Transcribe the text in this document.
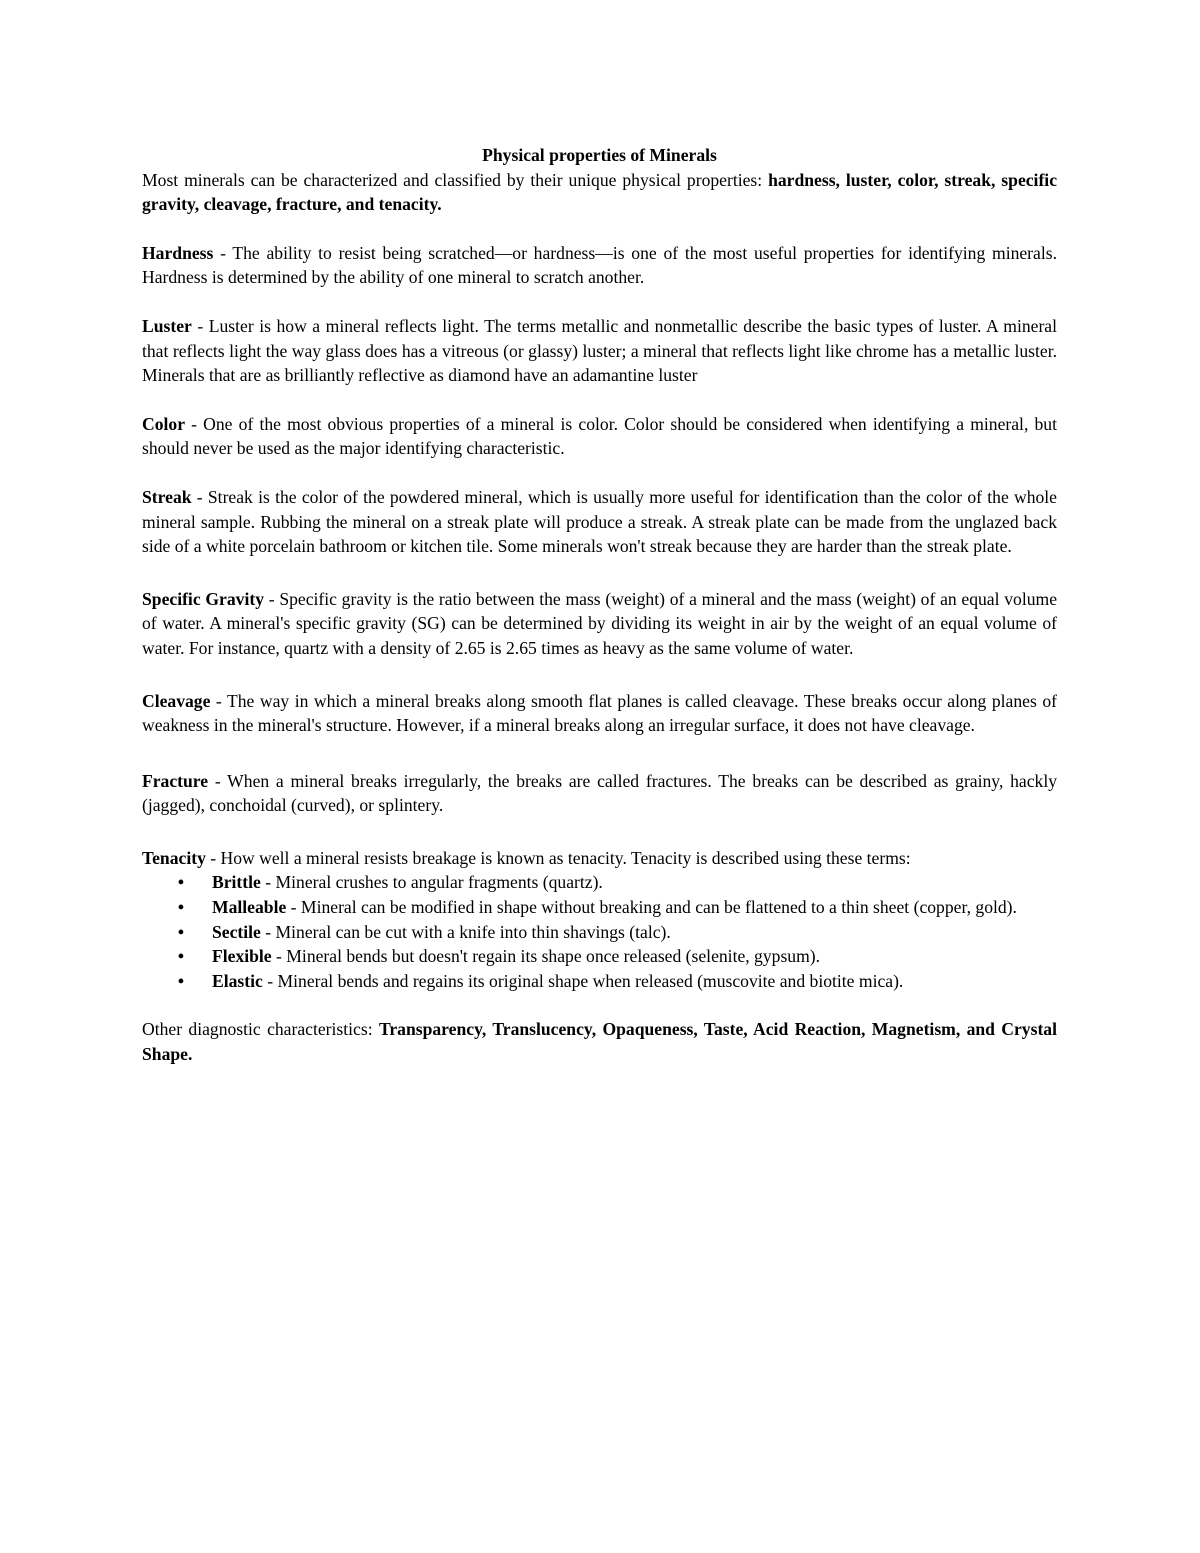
Physical properties of Minerals

Most minerals can be characterized and classified by their unique physical properties: hardness, luster, color, streak, specific gravity, cleavage, fracture, and tenacity.

Hardness - The ability to resist being scratched—or hardness—is one of the most useful properties for identifying minerals. Hardness is determined by the ability of one mineral to scratch another.

Luster - Luster is how a mineral reflects light. The terms metallic and nonmetallic describe the basic types of luster. A mineral that reflects light the way glass does has a vitreous (or glassy) luster; a mineral that reflects light like chrome has a metallic luster. Minerals that are as brilliantly reflective as diamond have an adamantine luster

Color - One of the most obvious properties of a mineral is color. Color should be considered when identifying a mineral, but should never be used as the major identifying characteristic.

Streak - Streak is the color of the powdered mineral, which is usually more useful for identification than the color of the whole mineral sample. Rubbing the mineral on a streak plate will produce a streak. A streak plate can be made from the unglazed back side of a white porcelain bathroom or kitchen tile. Some minerals won't streak because they are harder than the streak plate.

Specific Gravity - Specific gravity is the ratio between the mass (weight) of a mineral and the mass (weight) of an equal volume of water. A mineral's specific gravity (SG) can be determined by dividing its weight in air by the weight of an equal volume of water. For instance, quartz with a density of 2.65 is 2.65 times as heavy as the same volume of water.

Cleavage - The way in which a mineral breaks along smooth flat planes is called cleavage. These breaks occur along planes of weakness in the mineral's structure. However, if a mineral breaks along an irregular surface, it does not have cleavage.

Fracture - When a mineral breaks irregularly, the breaks are called fractures. The breaks can be described as grainy, hackly (jagged), conchoidal (curved), or splintery.

Tenacity - How well a mineral resists breakage is known as tenacity. Tenacity is described using these terms:

• Brittle - Mineral crushes to angular fragments (quartz).
• Malleable - Mineral can be modified in shape without breaking and can be flattened to a thin sheet (copper, gold).
• Sectile - Mineral can be cut with a knife into thin shavings (talc).
• Flexible - Mineral bends but doesn't regain its shape once released (selenite, gypsum).
• Elastic - Mineral bends and regains its original shape when released (muscovite and biotite mica).

Other diagnostic characteristics: Transparency, Translucency, Opaqueness, Taste, Acid Reaction, Magnetism, and Crystal Shape.
